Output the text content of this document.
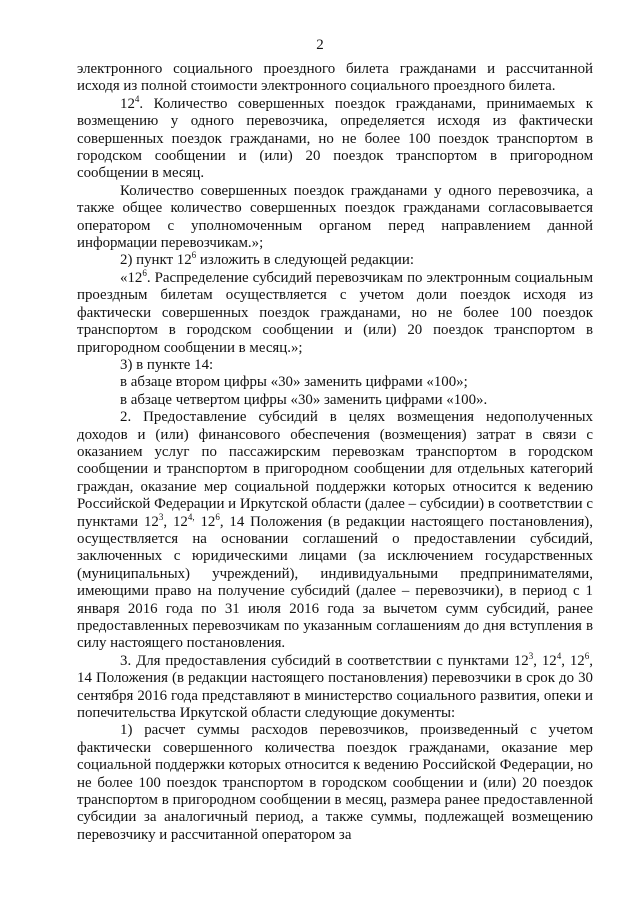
2

электронного социального проездного билета гражданами и рассчитанной исходя из полной стоимости электронного социального проездного билета.

$12^4$. Количество совершенных поездок гражданами, принимаемых к возмещению у одного перевозчика, определяется исходя из фактически совершенных поездок гражданами, но не более 100 поездок транспортом в городском сообщении и (или) 20 поездок транспортом в пригородном сообщении в месяц.

Количество совершенных поездок гражданами у одного перевозчика, а также общее количество совершенных поездок гражданами согласовывается оператором с уполномоченным органом перед направлением данной информации перевозчикам.»;

2) пункт $12^6$ изложить в следующей редакции:

«$12^6$. Распределение субсидий перевозчикам по электронным социальным проездным билетам осуществляется с учетом доли поездок исходя из фактически совершенных поездок гражданами, но не более 100 поездок транспортом в городском сообщении и (или) 20 поездок транспортом в пригородном сообщении в месяц.»;

3) в пункте 14:

в абзаце втором цифры «30» заменить цифрами «100»;

в абзаце четвертом цифры «30» заменить цифрами «100».

2. Предоставление субсидий в целях возмещения недополученных доходов и (или) финансового обеспечения (возмещения) затрат в связи с оказанием услуг по пассажирским перевозкам транспортом в городском сообщении и транспортом в пригородном сообщении для отдельных категорий граждан, оказание мер социальной поддержки которых относится к ведению Российской Федерации и Иркутской области (далее – субсидии) в соответствии с пунктами $12^3$, $12^{4,}$ $12^6$, 14 Положения (в редакции настоящего постановления), осуществляется на основании соглашений о предоставлении субсидий, заключенных с юридическими лицами (за исключением государственных (муниципальных) учреждений), индивидуальными предпринимателями, имеющими право на получение субсидий (далее – перевозчики), в период с 1 января 2016 года по 31 июля 2016 года за вычетом сумм субсидий, ранее предоставленных перевозчикам по указанным соглашениям до дня вступления в силу настоящего постановления.

3. Для предоставления субсидий в соответствии с пунктами $12^3$, $12^4$, $12^6$, 14 Положения (в редакции настоящего постановления) перевозчики в срок до 30 сентября 2016 года представляют в министерство социального развития, опеки и попечительства Иркутской области следующие документы:

1) расчет суммы расходов перевозчиков, произведенный с учетом фактически совершенного количества поездок гражданами, оказание мер социальной поддержки которых относится к ведению Российской Федерации, но не более 100 поездок транспортом в городском сообщении и (или) 20 поездок транспортом в пригородном сообщении в месяц, размера ранее предоставленной субсидии за аналогичный период, а также суммы, подлежащей возмещению перевозчику и рассчитанной оператором за
